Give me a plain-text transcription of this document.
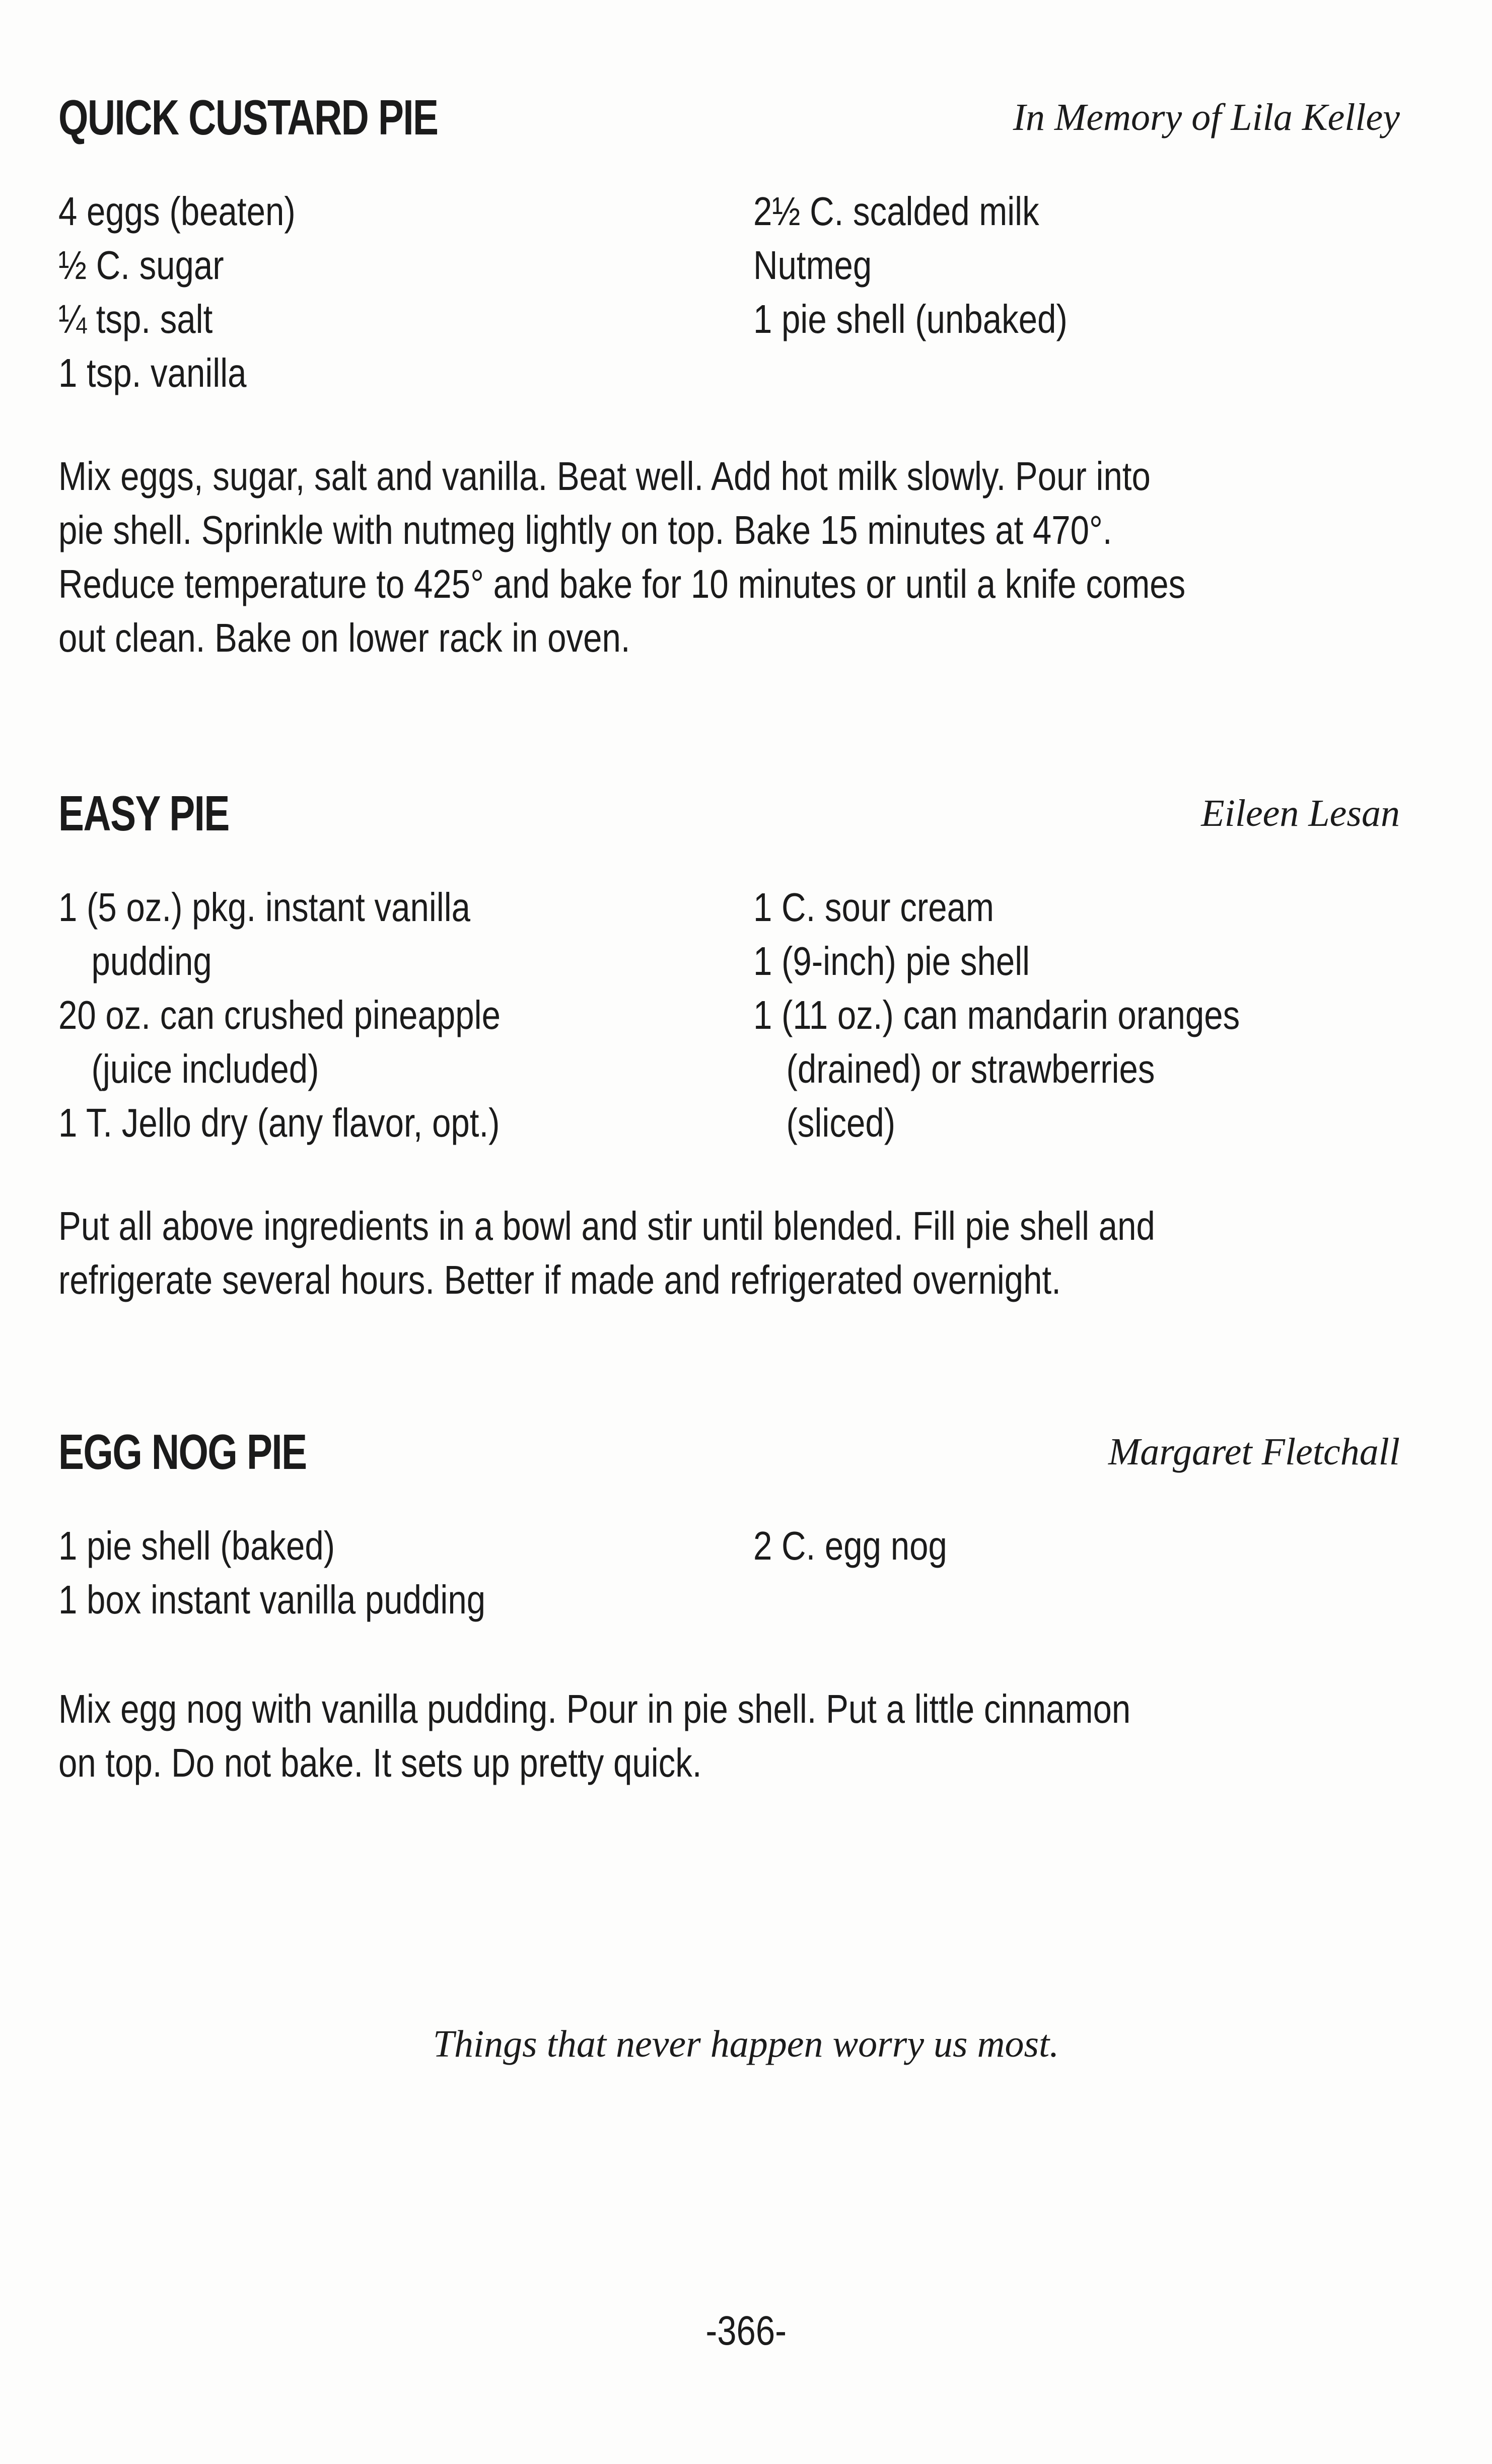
QUICK CUSTARD PIE	In Memory of Lila Kelley
4 eggs (beaten)
½ C. sugar
¼ tsp. salt
1 tsp. vanilla
2½ C. scalded milk
Nutmeg
1 pie shell (unbaked)
Mix eggs, sugar, salt and vanilla. Beat well. Add hot milk slowly. Pour into
pie shell. Sprinkle with nutmeg lightly on top. Bake 15 minutes at 470°.
Reduce temperature to 425° and bake for 10 minutes or until a knife comes
out clean. Bake on lower rack in oven.
EASY PIE	Eileen Lesan
1 (5 oz.) pkg. instant vanilla
pudding
20 oz. can crushed pineapple
(juice included)
1 T. Jello dry (any flavor, opt.)
1 C. sour cream
1 (9-inch) pie shell
1 (11 oz.) can mandarin oranges
(drained) or strawberries
(sliced)
Put all above ingredients in a bowl and stir until blended. Fill pie shell and
refrigerate several hours. Better if made and refrigerated overnight.
EGG NOG PIE	Margaret Fletchall
1 pie shell (baked)
1 box instant vanilla pudding
2 C. egg nog
Mix egg nog with vanilla pudding. Pour in pie shell. Put a little cinnamon
on top. Do not bake. It sets up pretty quick.
Things that never happen worry us most.
-366-
